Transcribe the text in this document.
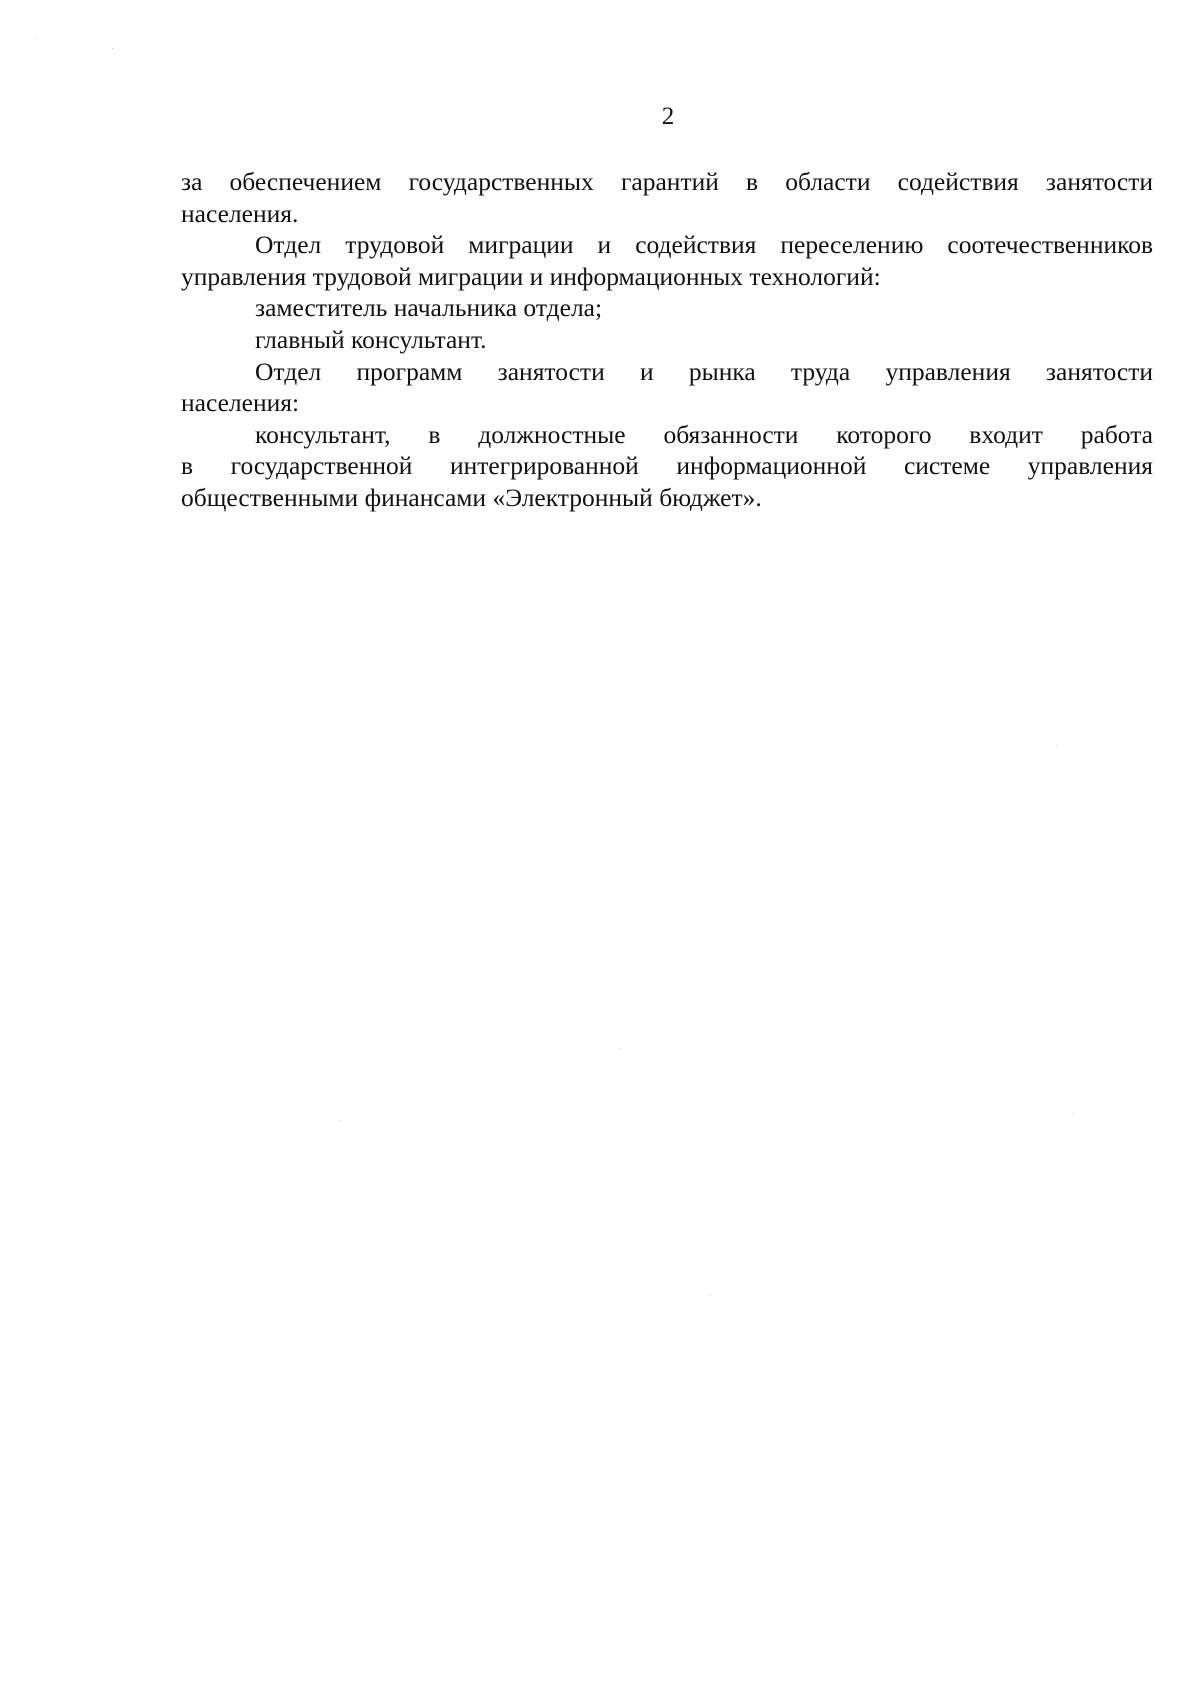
2
за обеспечением государственных гарантий в области содействия занятости
населения.
Отдел трудовой миграции и содействия переселению соотечественников
управления трудовой миграции и информационных технологий:
заместитель начальника отдела;
главный консультант.
Отдел программ занятости и рынка труда управления занятости
населения:
консультант, в должностные обязанности которого входит работа
в государственной интегрированной информационной системе управления
общественными финансами «Электронный бюджет».
